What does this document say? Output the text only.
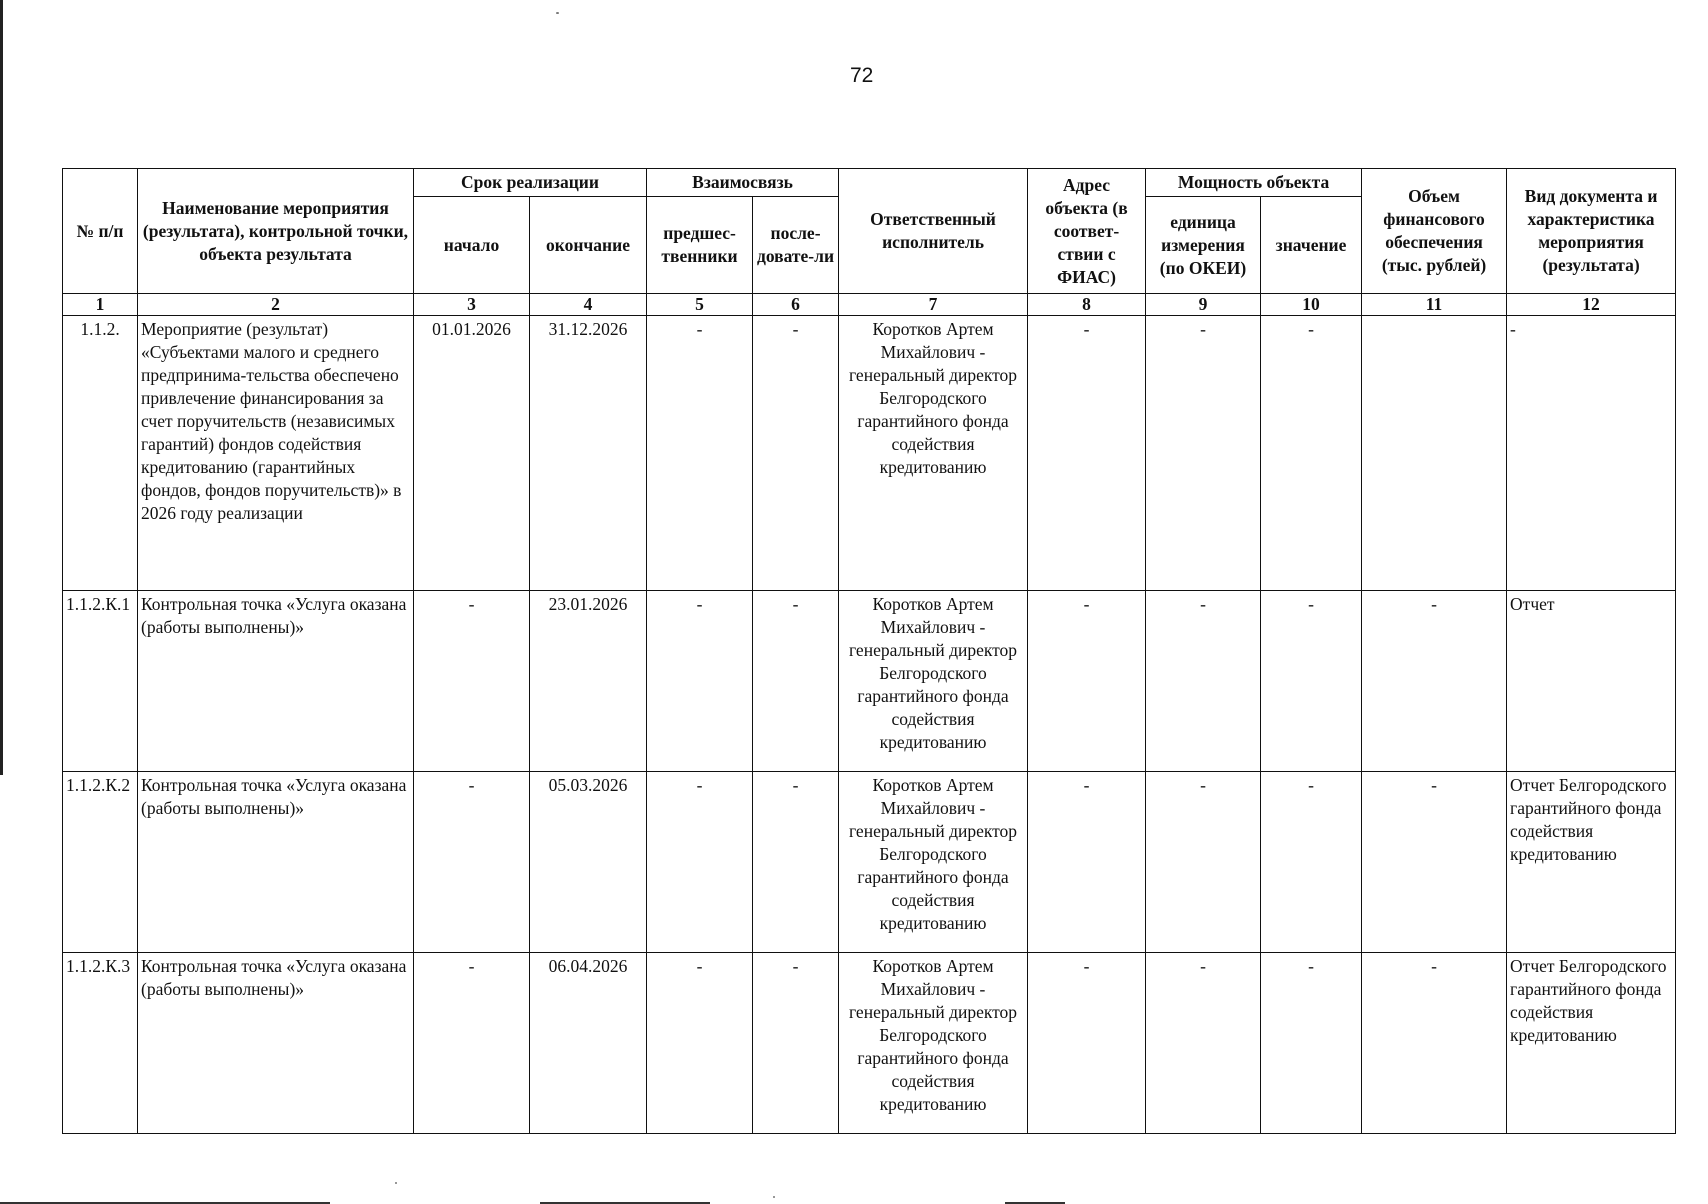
72
№ п/п	Наименование мероприятия (результата), контрольной точки, объекта результата	Срок реализации		Взаимосвязь		Ответственный исполнитель	Адрес объекта (в соответ-ствии с ФИАС)	Мощность объекта		Объем финансового обеспечения (тыс. рублей)	Вид документа и характеристика мероприятия (результата)
		начало	окончание	предшес-твенники	после-довате-ли			единица измерения (по ОКЕИ)	значение		
1	2	3	4	5	6	7	8	9	10	11	12
1.1.2.	Мероприятие (результат) «Субъектами малого и среднего предпринима-тельства обеспечено привлечение финансирования за счет поручительств (независимых гарантий) фондов содействия кредитованию (гарантийных фондов, фондов поручительств)» в 2026 году реализации	01.01.2026	31.12.2026	-	-	Коротков Артем Михайлович - генеральный директор Белгородского гарантийного фонда содействия кредитованию	-	-	-		-
1.1.2.К.1	Контрольная точка «Услуга оказана (работы выполнены)»	-	23.01.2026	-	-	Коротков Артем Михайлович - генеральный директор Белгородского гарантийного фонда содействия кредитованию	-	-	-	-	Отчет
1.1.2.К.2	Контрольная точка «Услуга оказана (работы выполнены)»	-	05.03.2026	-	-	Коротков Артем Михайлович - генеральный директор Белгородского гарантийного фонда содействия кредитованию	-	-	-	-	Отчет Белгородского гарантийного фонда содействия кредитованию
1.1.2.К.3	Контрольная точка «Услуга оказана (работы выполнены)»	-	06.04.2026	-	-	Коротков Артем Михайлович - генеральный директор Белгородского гарантийного фонда содействия кредитованию	-	-	-	-	Отчет Белгородского гарантийного фонда содействия кредитованию
